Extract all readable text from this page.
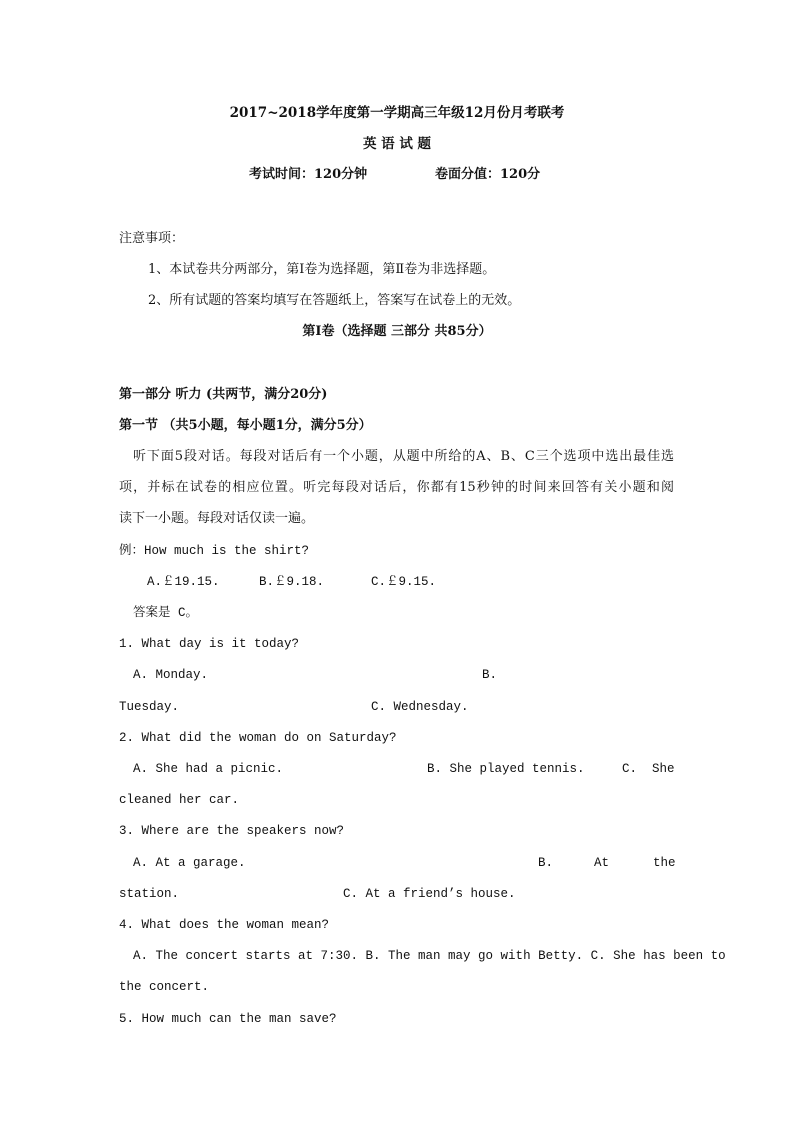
2017~2018学年度第一学期高三年级12月份月考联考
英 语 试 题
考试时间：120分钟	卷面分值：120分
注意事项：
1、本试卷共分两部分，第Ⅰ卷为选择题，第Ⅱ卷为非选择题。
2、所有试题的答案均填写在答题纸上，答案写在试卷上的无效。
第Ⅰ卷（选择题 三部分 共85分）
第一部分 听力 (共两节，满分20分)
第一节 （共5小题，每小题1分，满分5分）
听下面5段对话。每段对话后有一个小题，从题中所给的A、B、C三个选项中选出最佳选
项，并标在试卷的相应位置。听完每段对话后，你都有15秒钟的时间来回答有关小题和阅
读下一小题。每段对话仅读一遍。
例：How much is the shirt?
A.￡19.15.	B.￡9.18.	C.￡9.15.
答案是 C。
1. What day is it today?
A. Monday.	B.
Tuesday.	C. Wednesday.
2. What did the woman do on Saturday?
A. She had a picnic.	B. She played tennis.	C. She
cleaned her car.
3. Where are the speakers now?
A. At a garage.	B.	At	the
station.	C. At a friend’s house.
4. What does the woman mean?
A. The concert starts at 7:30. B. The man may go with Betty. C. She has been to
the concert.
5. How much can the man save?
